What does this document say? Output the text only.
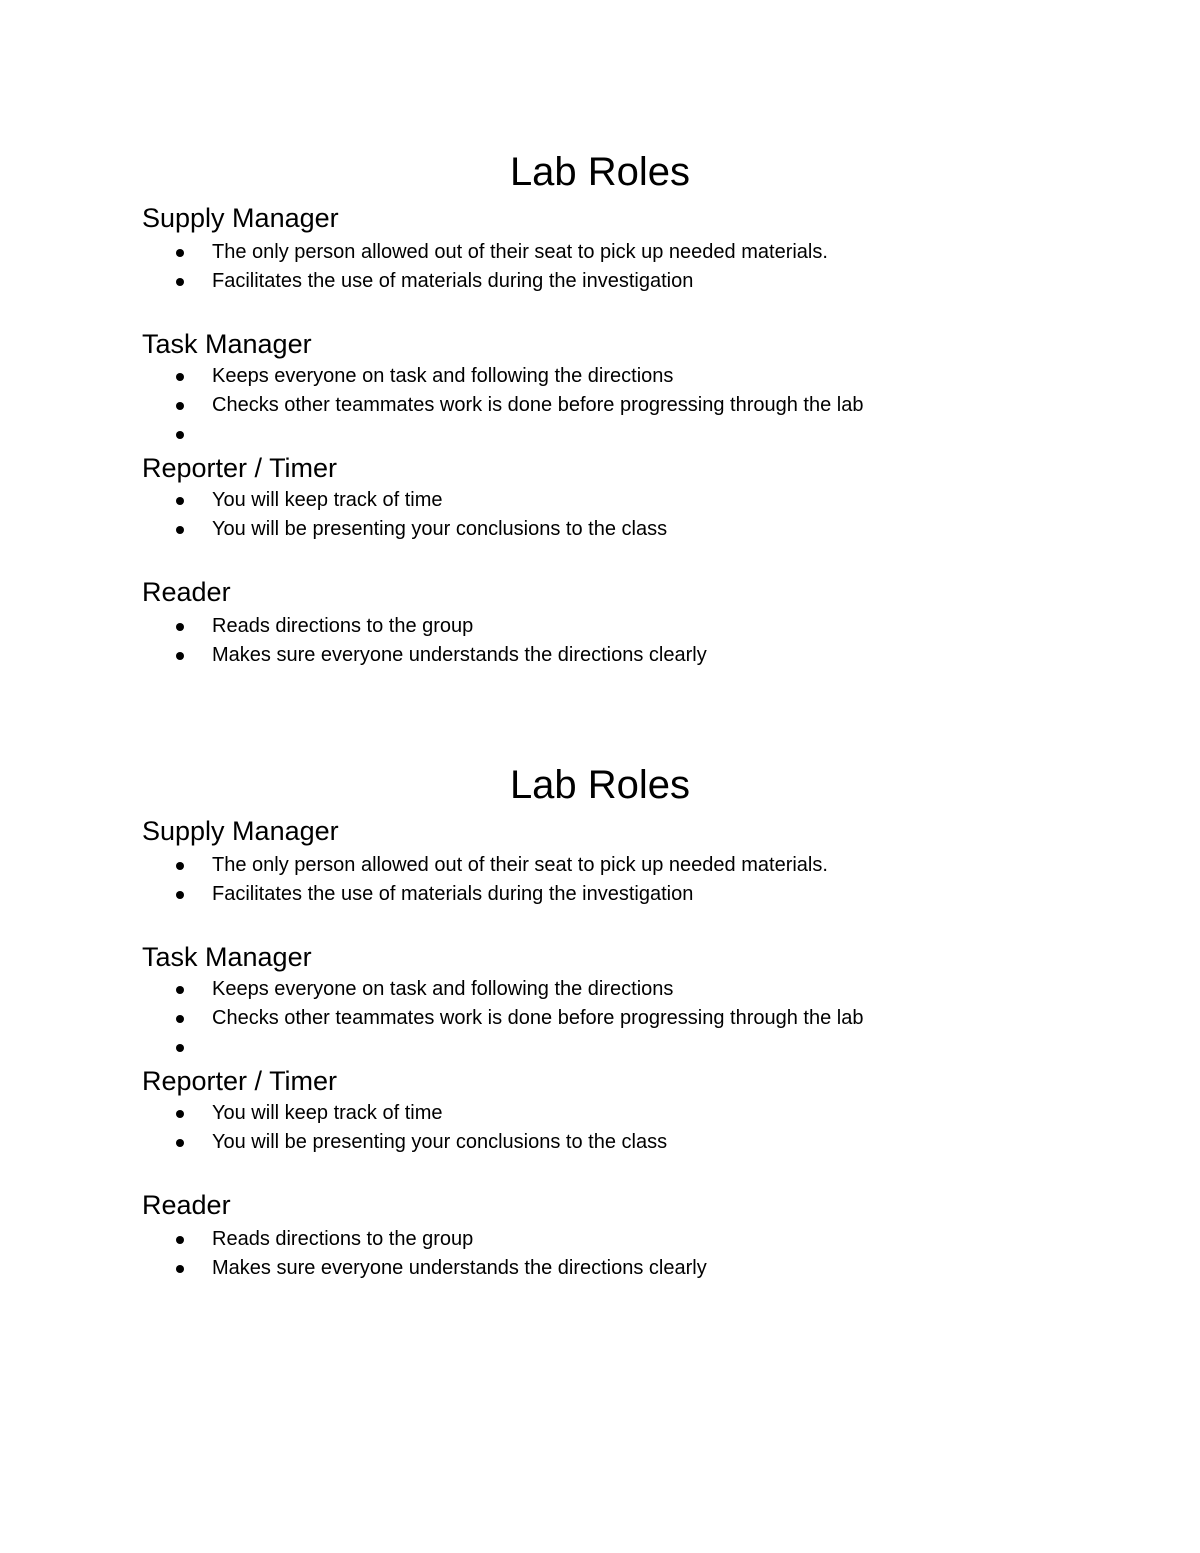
Lab Roles
Supply Manager
The only person allowed out of their seat to pick up needed materials.
Facilitates the use of materials during the investigation
Task Manager
Keeps everyone on task and following the directions
Checks other teammates work is done before progressing through the lab
Reporter / Timer
You will keep track of time
You will be presenting your conclusions to the class
Reader
Reads directions to the group
Makes sure everyone understands the directions clearly
Lab Roles
Supply Manager
The only person allowed out of their seat to pick up needed materials.
Facilitates the use of materials during the investigation
Task Manager
Keeps everyone on task and following the directions
Checks other teammates work is done before progressing through the lab
Reporter / Timer
You will keep track of time
You will be presenting your conclusions to the class
Reader
Reads directions to the group
Makes sure everyone understands the directions clearly
